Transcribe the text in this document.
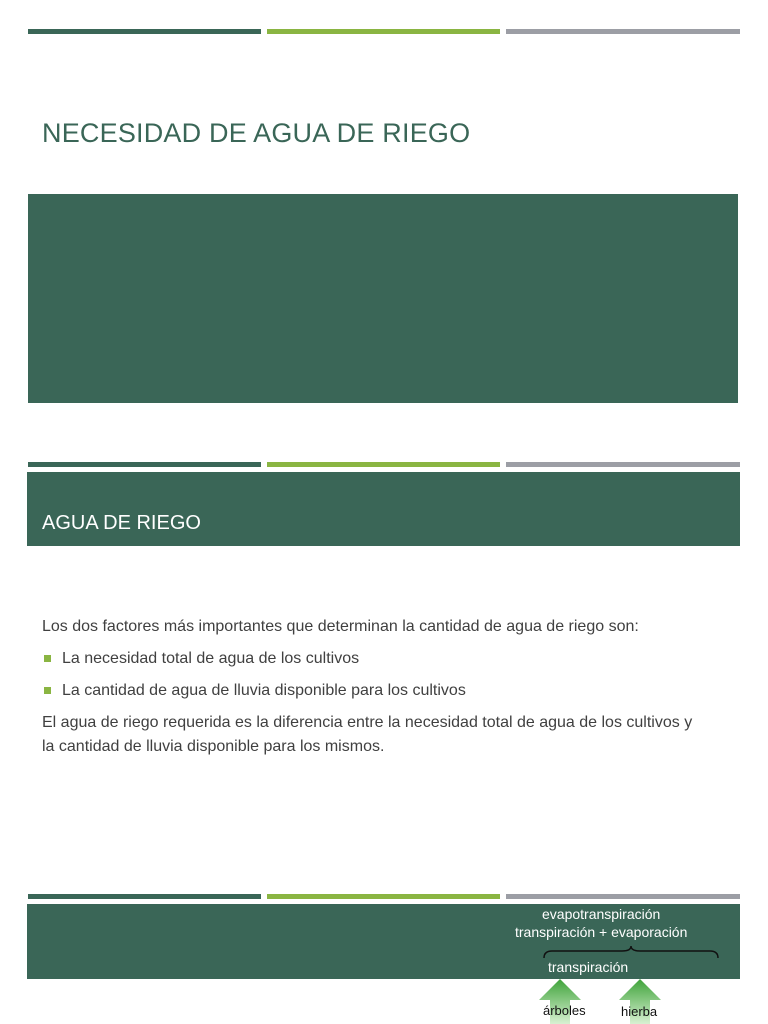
NECESIDAD DE AGUA DE RIEGO
AGUA DE RIEGO

Los dos factores más importantes que determinan la cantidad de agua de riego son:

La necesidad total de agua de los cultivos
La cantidad de agua de lluvia disponible para los cultivos

El agua de riego requerida es la diferencia entre la necesidad total de agua de los cultivos y la cantidad de lluvia disponible para los mismos.

evapotranspiración
transpiración + evaporación
transpiración
árboles	hierba
